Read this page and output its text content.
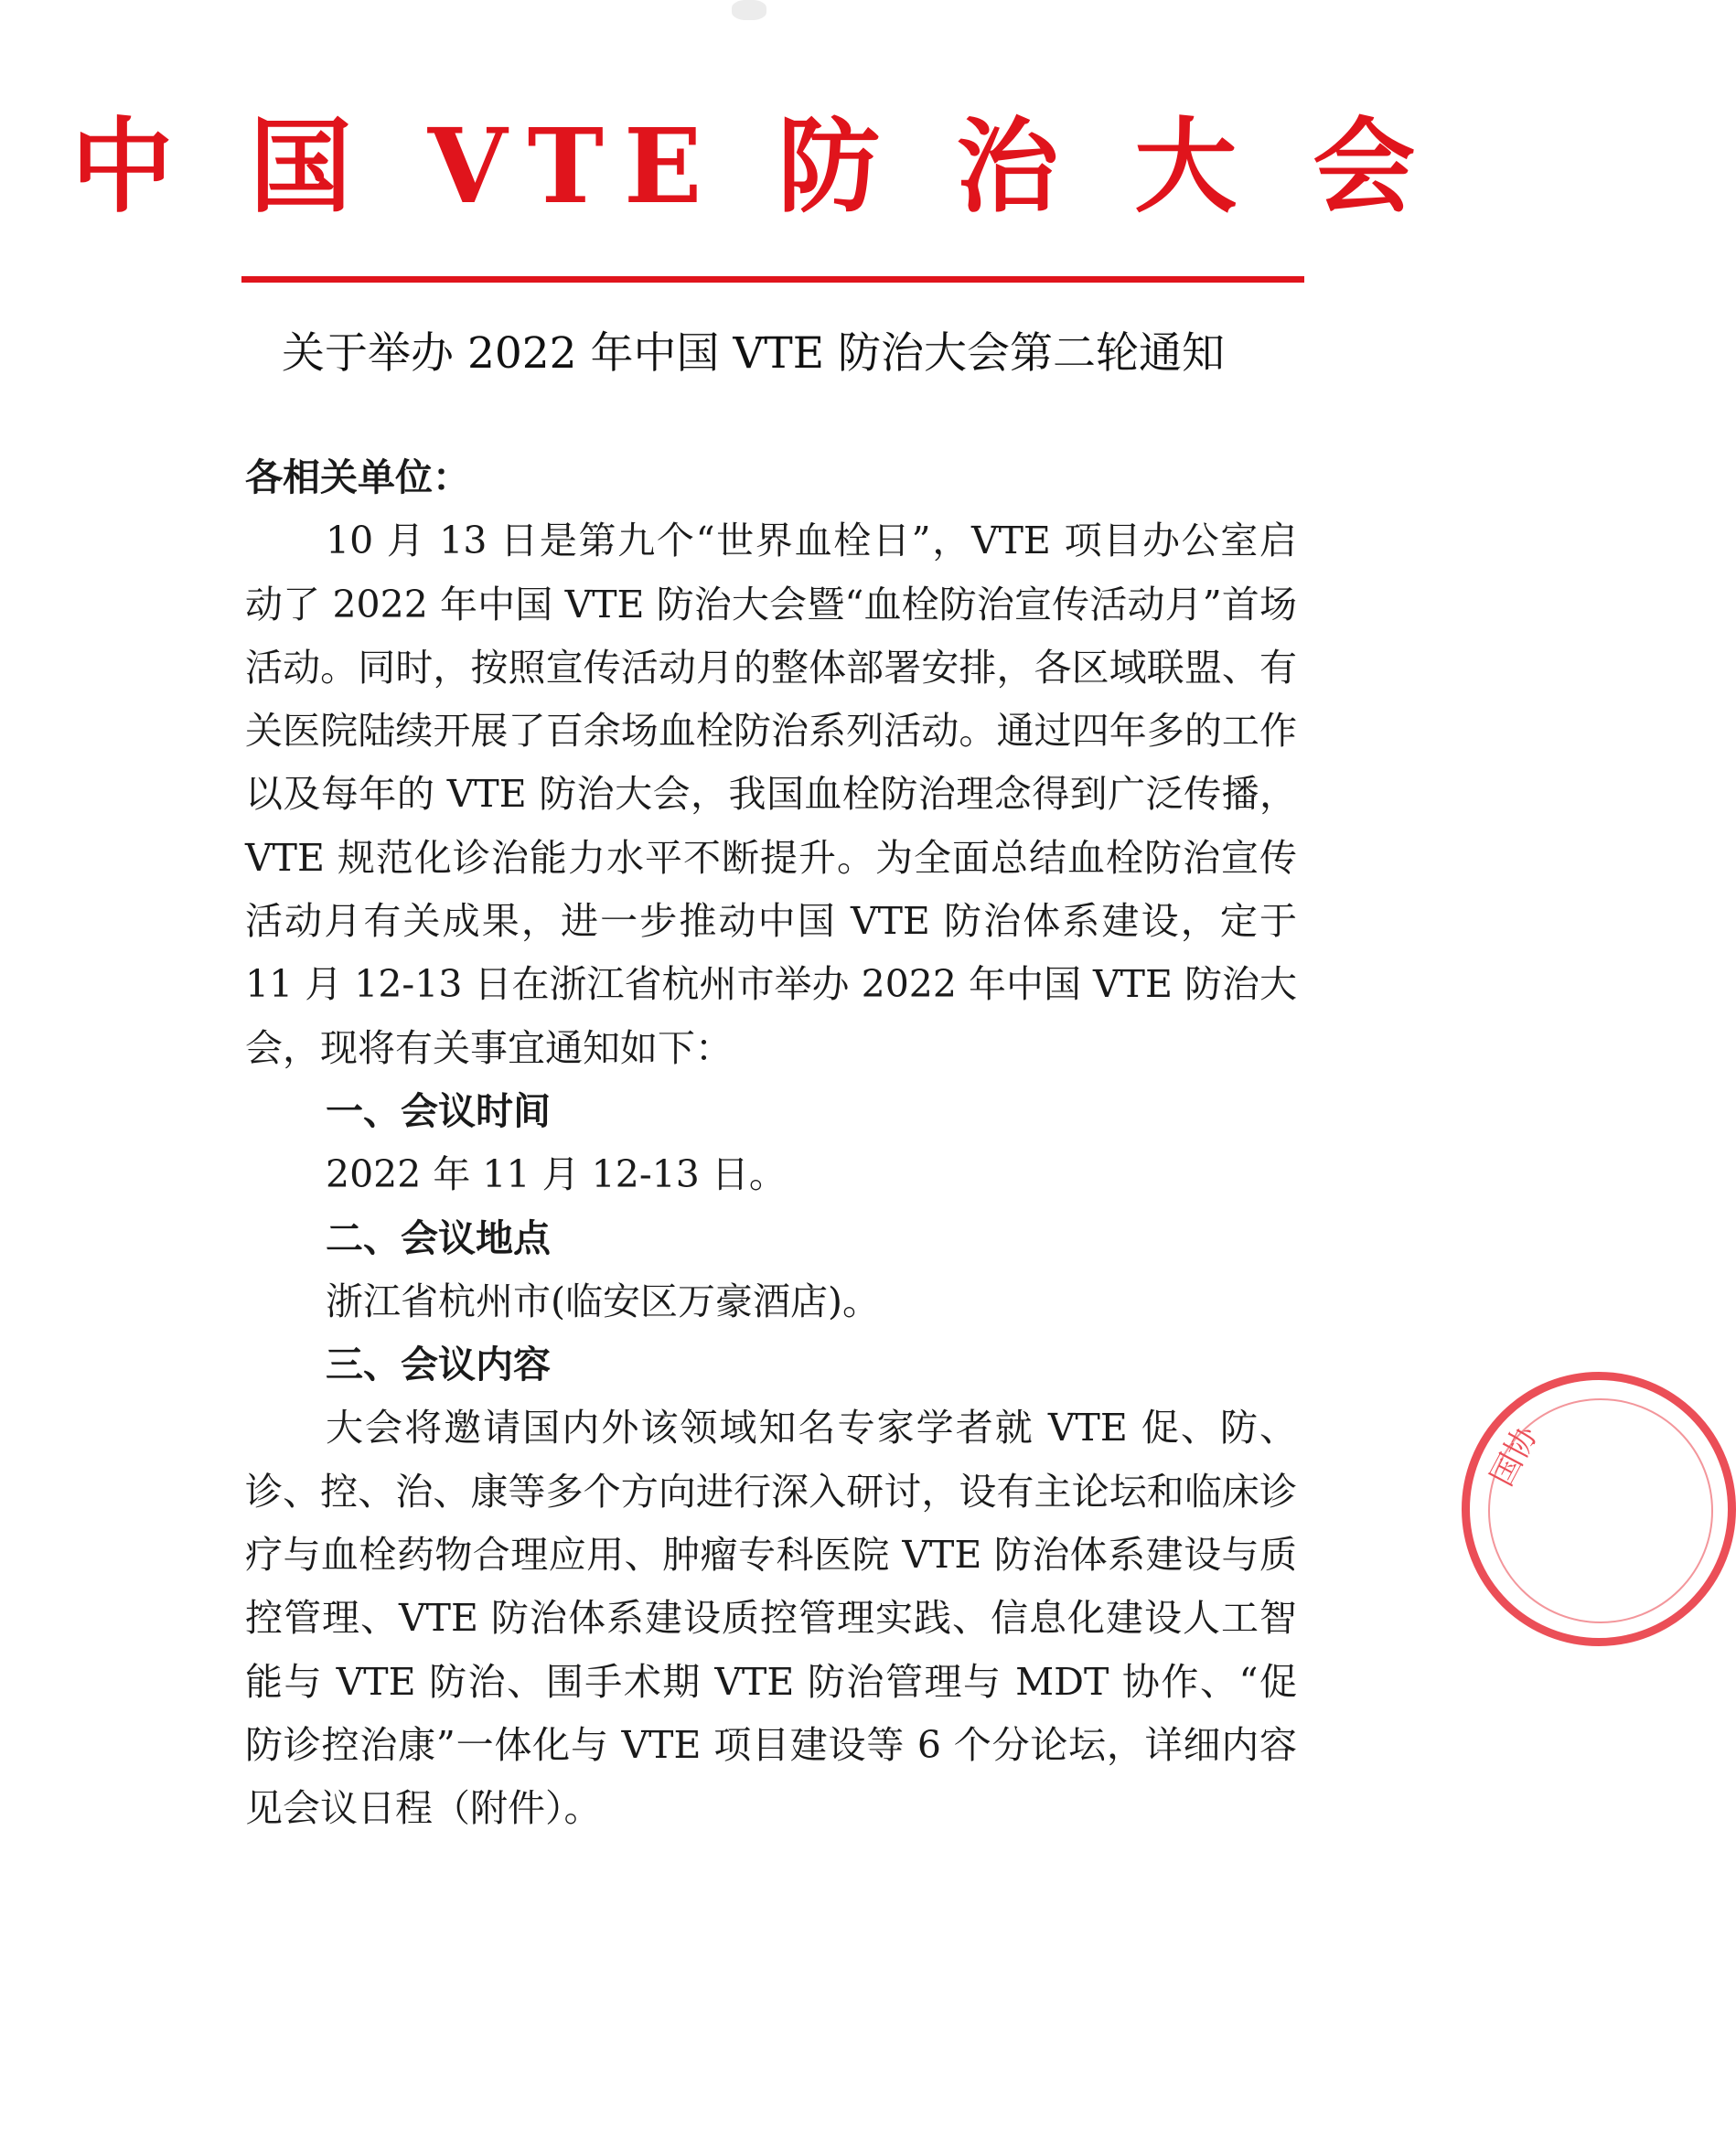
中 国 VTE 防 治 大 会
关于举办 2022 年中国 VTE 防治大会第二轮通知

各相关单位：

10 月 13 日是第九个“世界血栓日”，VTE 项目办公室启动了 2022 年中国 VTE 防治大会暨“血栓防治宣传活动月”首场活动。同时，按照宣传活动月的整体部署安排，各区域联盟、有关医院陆续开展了百余场血栓防治系列活动。通过四年多的工作以及每年的 VTE 防治大会，我国血栓防治理念得到广泛传播，VTE 规范化诊治能力水平不断提升。为全面总结血栓防治宣传活动月有关成果，进一步推动中国 VTE 防治体系建设，定于 11 月 12-13 日在浙江省杭州市举办 2022 年中国 VTE 防治大会，现将有关事宜通知如下：

一、会议时间

2022 年 11 月 12-13 日。

二、会议地点

浙江省杭州市(临安区万豪酒店)。

三、会议内容

大会将邀请国内外该领域知名专家学者就 VTE 促、防、诊、控、治、康等多个方向进行深入研讨，设有主论坛和临床诊疗与血栓药物合理应用、肿瘤专科医院 VTE 防治体系建设与质控管理、VTE 防治体系建设质控管理实践、信息化建设人工智能与 VTE 防治、围手术期 VTE 防治管理与 MDT 协作、“促防诊控治康”一体化与 VTE 项目建设等 6 个分论坛，详细内容见会议日程（附件）。

国协
